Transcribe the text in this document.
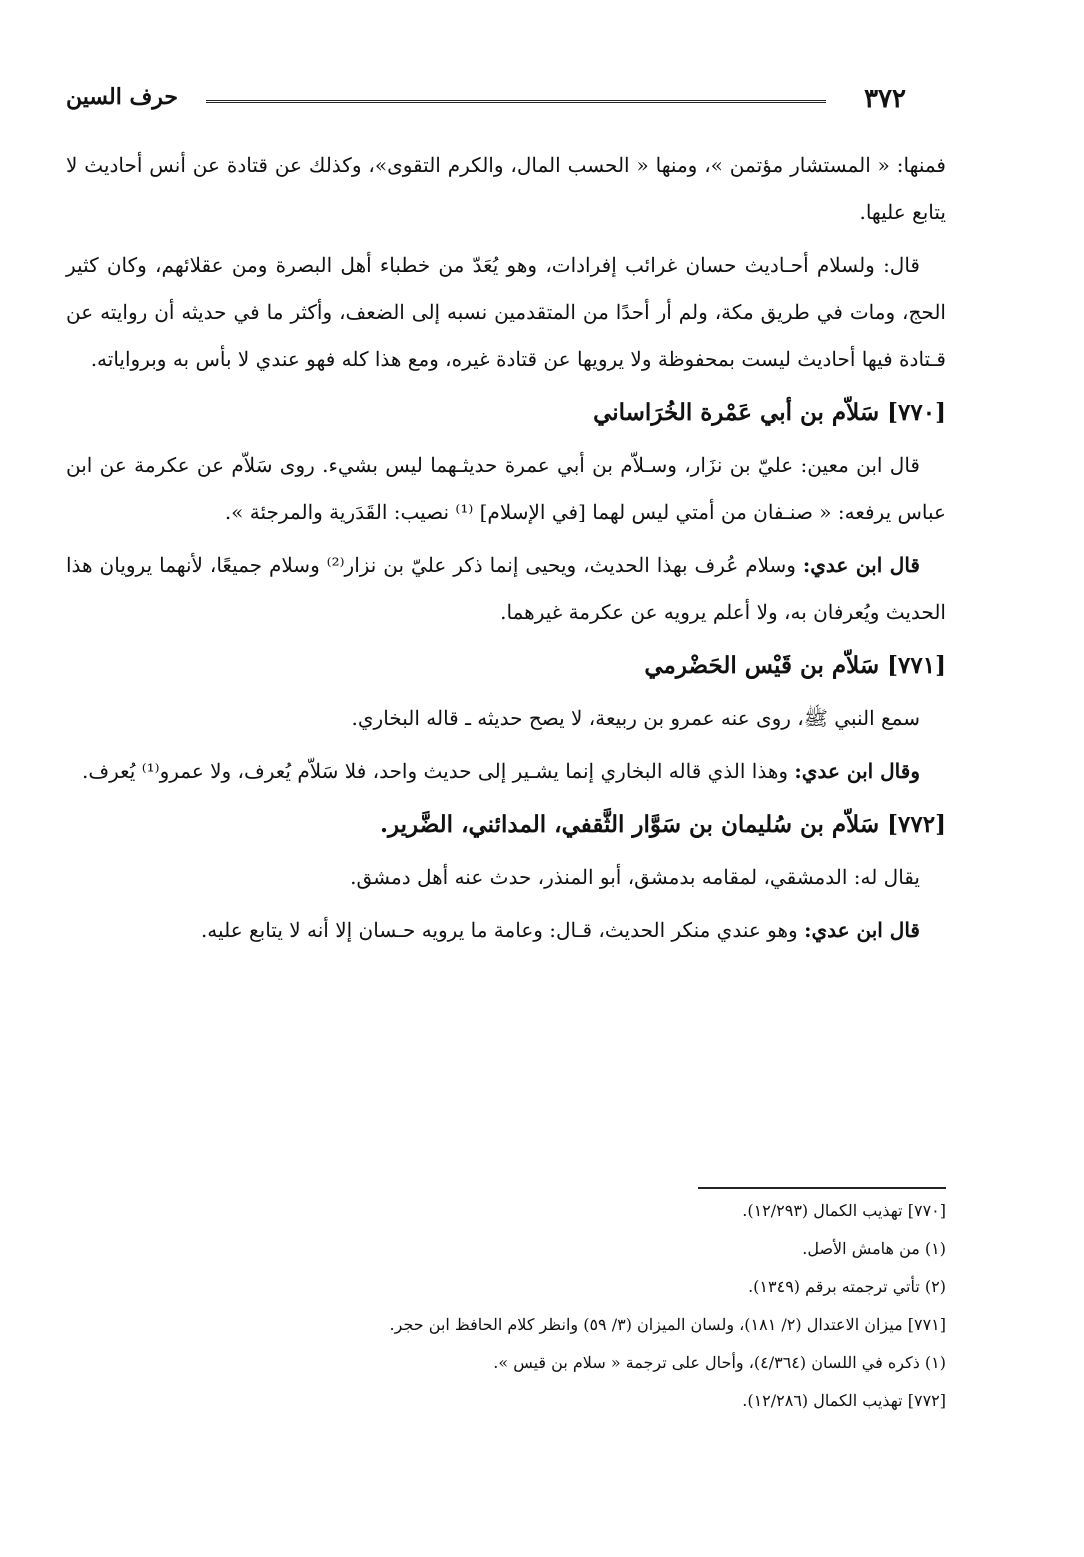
٣٧٢
حرف السين

فمنها: « المستشار مؤتمن »، ومنها « الحسب المال، والكرم التقوى»، وكذلك عن قتادة عن أنس أحاديث لا يتابع عليها.

قال: ولسلام أحـاديث حسان غرائب إفرادات، وهو يُعَدّ من خطباء أهل البصرة ومن عقلائهم، وكان كثير الحج، ومات في طريق مكة، ولم أر أحدًا من المتقدمين نسبه إلى الضعف، وأكثر ما في حديثه أن روايته عن قـتادة فيها أحاديث ليست بمحفوظة ولا يرويها عن قتادة غيره، ومع هذا كله فهو عندي لا بأس به وبرواياته.

[٧٧٠] سَلاّم بن أبي عَمْرة الخُرَاساني

قال ابن معين: عليّ بن نزَار، وسـلاّم بن أبي عمرة حديثـهما ليس بشيء. روى سَلاّم عن عكرمة عن ابن عباس يرفعه: « صنـفان من أمتي ليس لهما [في الإسلام] ⁽¹⁾ نصيب: القَدَرية والمرجئة ».

قال ابن عدي: وسلام عُرف بهذا الحديث، ويحيى إنما ذكر عليّ بن نزار⁽²⁾ وسلام جميعًا، لأنهما يرويان هذا الحديث ويُعرفان به، ولا أعلم يرويه عن عكرمة غيرهما.

[٧٧١] سَلاّم بن قَيْس الحَضْرمي

سمع النبي ﷺ، روى عنه عمرو بن ربيعة، لا يصح حديثه ـ قاله البخاري.

وقال ابن عدي: وهذا الذي قاله البخاري إنما يشـير إلى حديث واحد، فلا سَلاّم يُعرف، ولا عمرو⁽¹⁾ يُعرف.

[٧٧٢] سَلاّم بن سُليمان بن سَوَّار الثَّقفي، المدائني، الضَّرير.

يقال له: الدمشقي، لمقامه بدمشق، أبو المنذر، حدث عنه أهل دمشق.

قال ابن عدي: وهو عندي منكر الحديث، قـال: وعامة ما يرويه حـسان إلا أنه لا يتابع عليه.

[٧٧٠] تهذيب الكمال (١٢/٢٩٣).

(١) من هامش الأصل.

(٢) تأتي ترجمته برقم (١٣٤٩).

[٧٧١] ميزان الاعتدال (٢/ ١٨١)، ولسان الميزان (٣/ ٥٩) وانظر كلام الحافظ ابن حجر.

(١) ذكره في اللسان (٤/٣٦٤)، وأحال على ترجمة « سلام بن قيس ».

[٧٧٢] تهذيب الكمال (١٢/٢٨٦).
